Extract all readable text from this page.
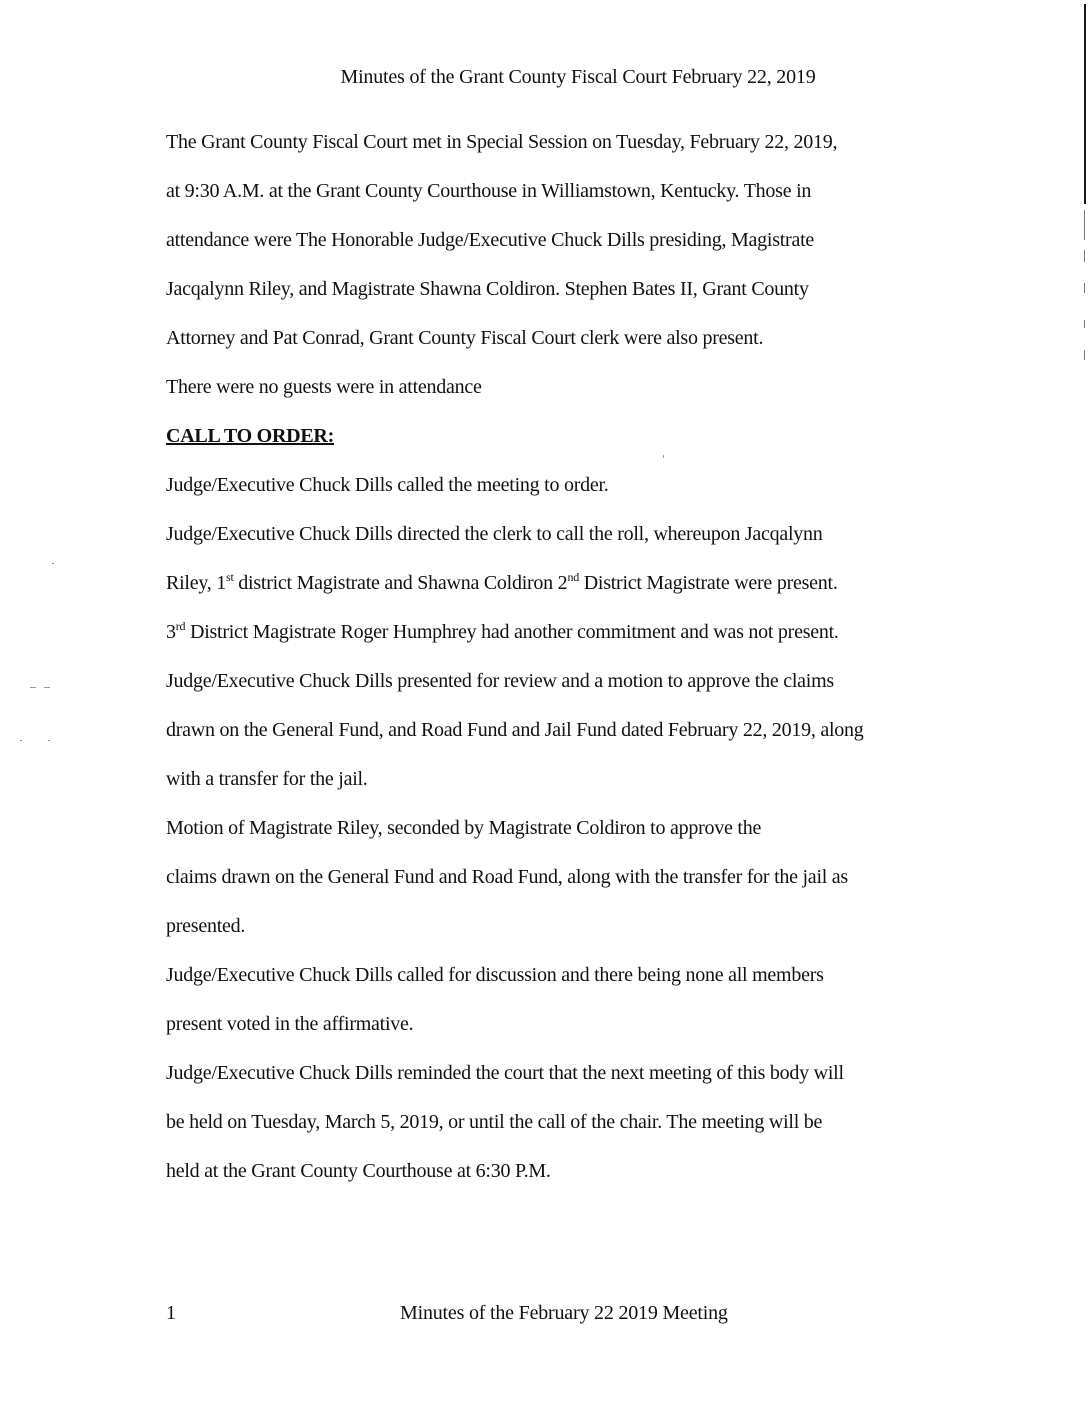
Minutes of the Grant County Fiscal Court February 22, 2019
The Grant County Fiscal Court met in Special Session on Tuesday, February 22, 2019,
at 9:30 A.M. at the Grant County Courthouse in Williamstown, Kentucky. Those in
attendance were The Honorable Judge/Executive Chuck Dills presiding, Magistrate
Jacqalynn Riley, and Magistrate Shawna Coldiron. Stephen Bates II, Grant County
Attorney and Pat Conrad, Grant County Fiscal Court clerk were also present.
There were no guests were in attendance
CALL TO ORDER:
Judge/Executive Chuck Dills called the meeting to order.
Judge/Executive Chuck Dills directed the clerk to call the roll, whereupon Jacqalynn
Riley, 1st district Magistrate and Shawna Coldiron 2nd District Magistrate were present.
3rd District Magistrate Roger Humphrey had another commitment and was not present.
Judge/Executive Chuck Dills presented for review and a motion to approve the claims
drawn on the General Fund, and Road Fund and Jail Fund dated February 22, 2019, along
with a transfer for the jail.
Motion of Magistrate Riley, seconded by Magistrate Coldiron to approve the
claims drawn on the General Fund and Road Fund, along with the transfer for the jail as
presented.
Judge/Executive Chuck Dills called for discussion and there being none all members
present voted in the affirmative.
Judge/Executive Chuck Dills reminded the court that the next meeting of this body will
be held on Tuesday, March 5, 2019, or until the call of the chair. The meeting will be
held at the Grant County Courthouse at 6:30 P.M.
1	Minutes of the February 22 2019 Meeting
